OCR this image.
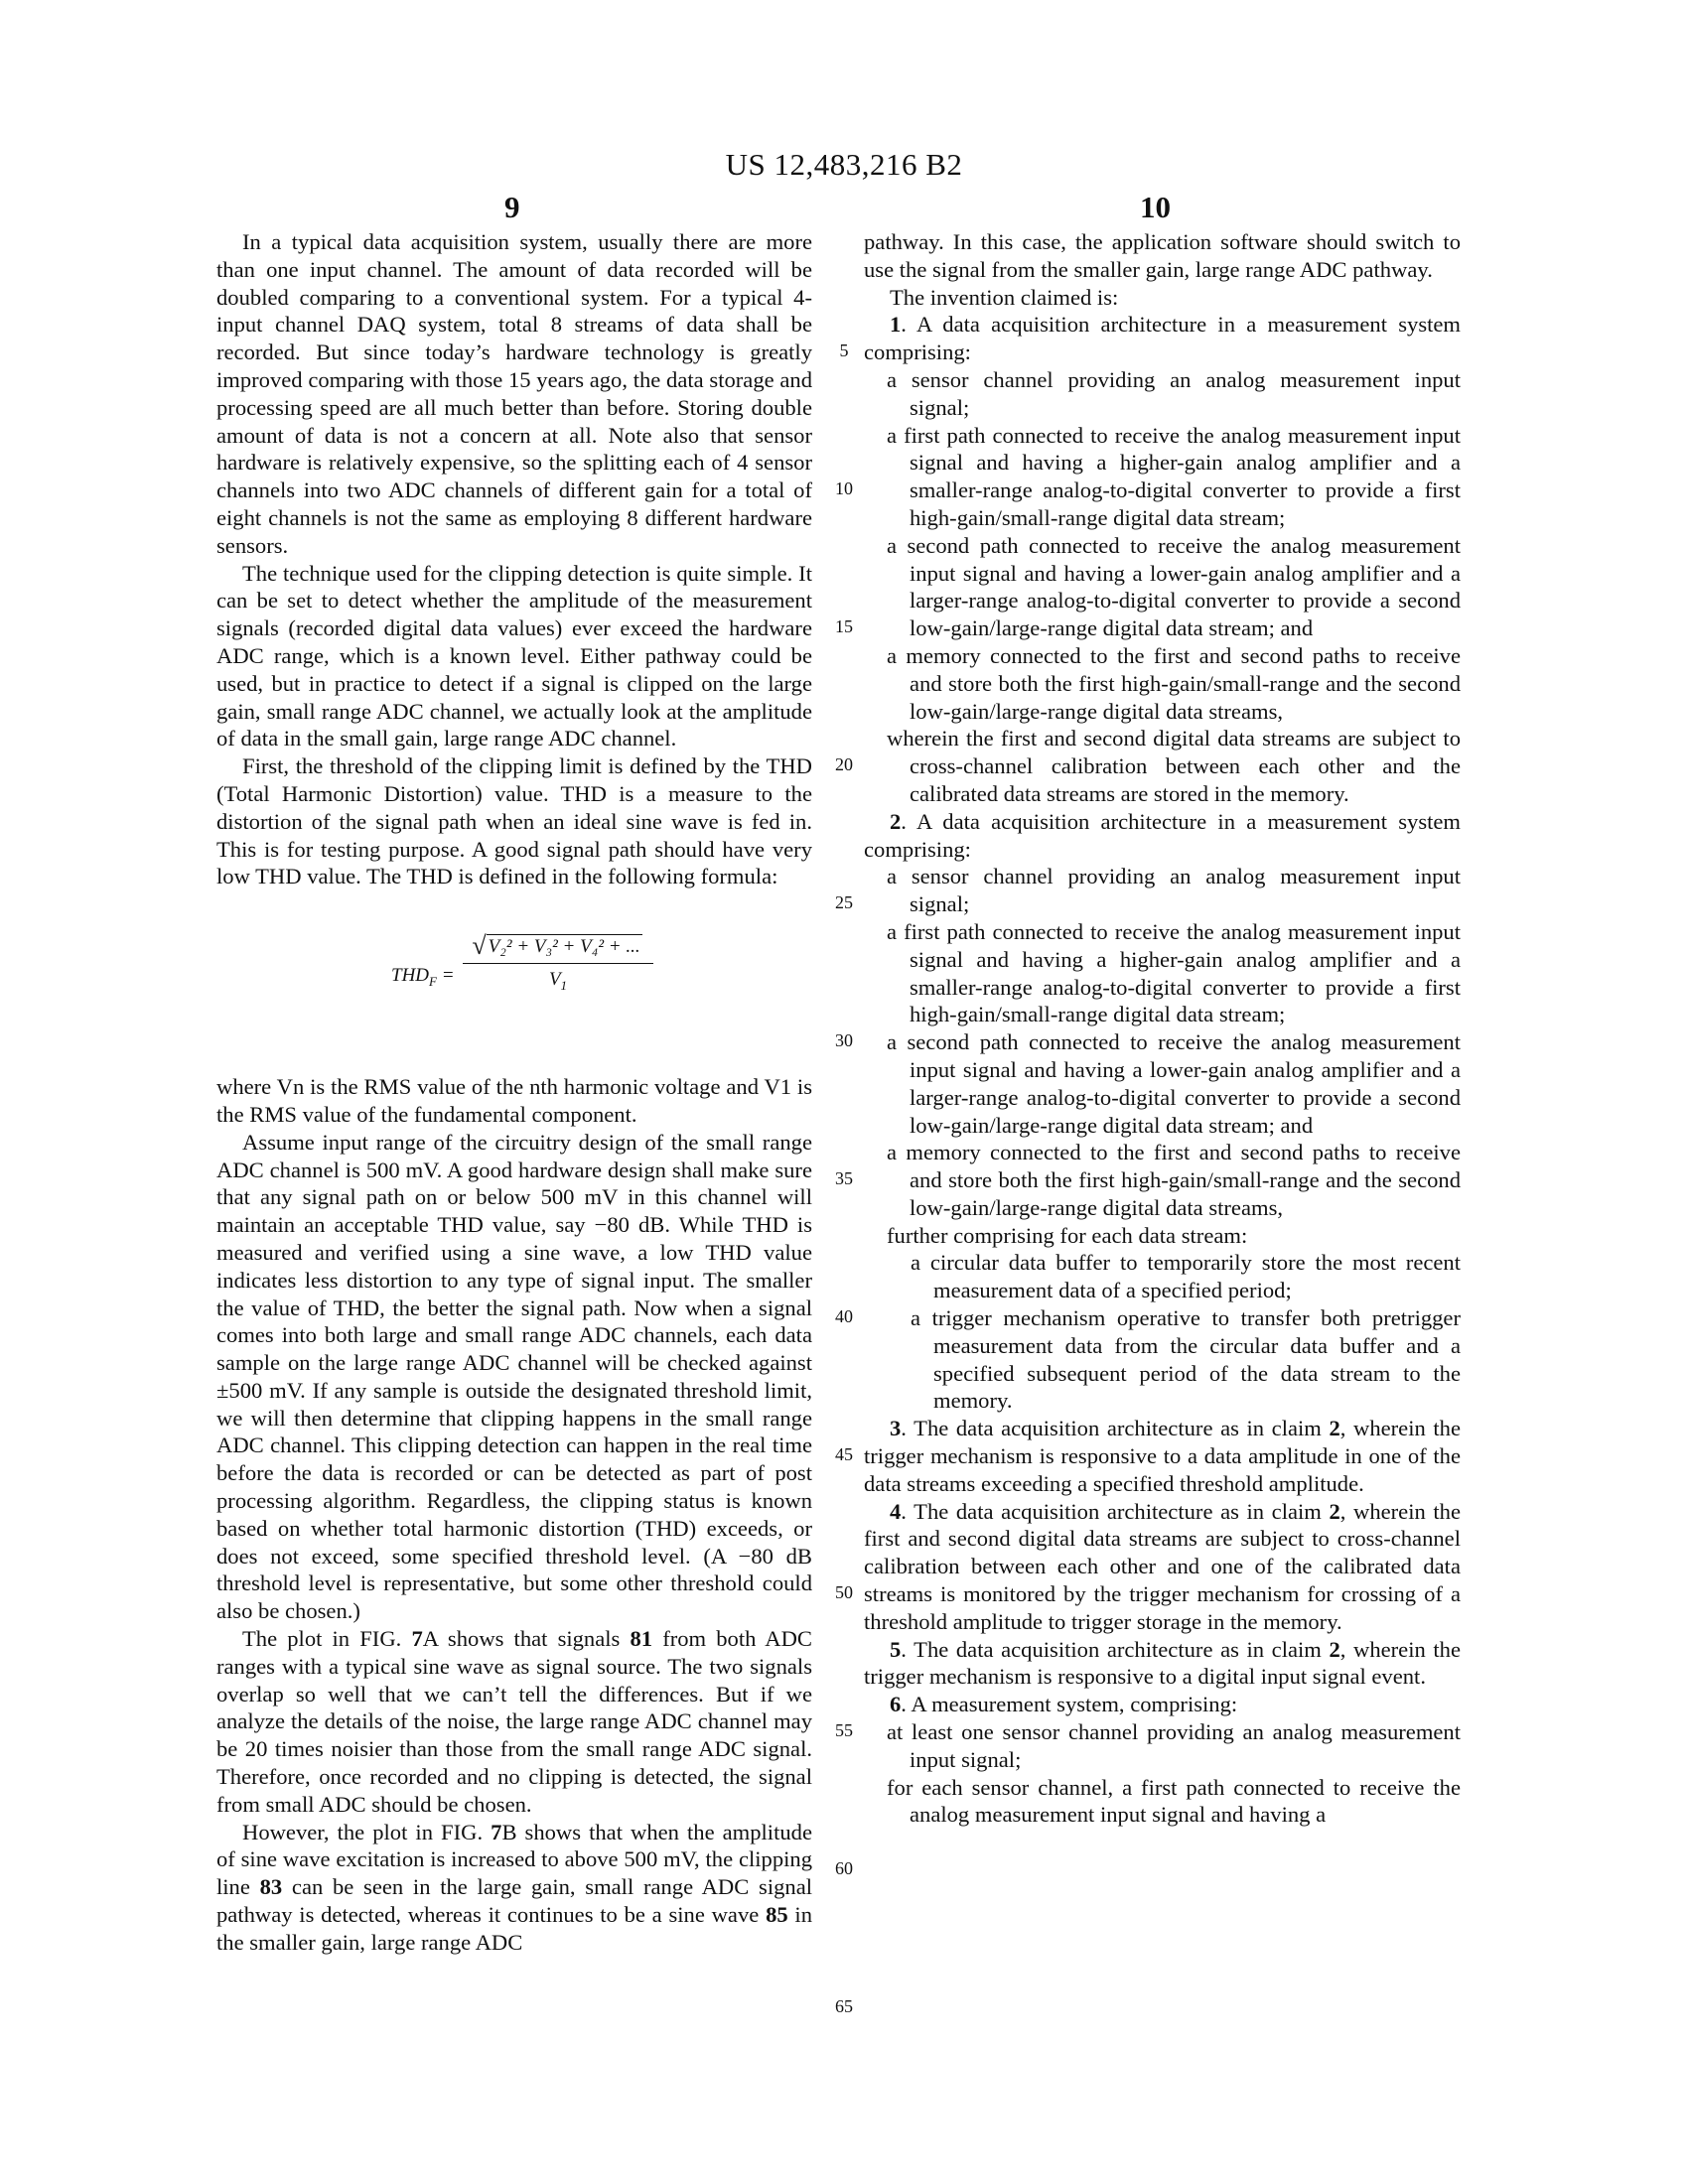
US 12,483,216 B2
9	10

In a typical data acquisition system, usually there are more than one input channel. The amount of data recorded will be doubled comparing to a conventional system. For a typical 4-input channel DAQ system, total 8 streams of data shall be recorded. But since today’s hardware technology is greatly improved comparing with those 15 years ago, the data storage and processing speed are all much better than before. Storing double amount of data is not a concern at all. Note also that sensor hardware is relatively expensive, so the splitting each of 4 sensor channels into two ADC channels of different gain for a total of eight channels is not the same as employing 8 different hardware sensors.

The technique used for the clipping detection is quite simple. It can be set to detect whether the amplitude of the measurement signals (recorded digital data values) ever exceed the hardware ADC range, which is a known level. Either pathway could be used, but in practice to detect if a signal is clipped on the large gain, small range ADC channel, we actually look at the amplitude of data in the small gain, large range ADC channel.

First, the threshold of the clipping limit is defined by the THD (Total Harmonic Distortion) value. THD is a measure to the distortion of the signal path when an ideal sine wave is fed in. This is for testing purpose. A good signal path should have very low THD value. The THD is defined in the following formula:

$THD_F = \frac{\text{√ V₂² + V₃² + V₄² + ...}}{V_1}$

where Vn is the RMS value of the nth harmonic voltage and V1 is the RMS value of the fundamental component.

Assume input range of the circuitry design of the small range ADC channel is 500 mV. A good hardware design shall make sure that any signal path on or below 500 mV in this channel will maintain an acceptable THD value, say −80 dB. While THD is measured and verified using a sine wave, a low THD value indicates less distortion to any type of signal input. The smaller the value of THD, the better the signal path. Now when a signal comes into both large and small range ADC channels, each data sample on the large range ADC channel will be checked against ±500 mV. If any sample is outside the designated threshold limit, we will then determine that clipping happens in the small range ADC channel. This clipping detection can happen in the real time before the data is recorded or can be detected as part of post processing algorithm. Regardless, the clipping status is known based on whether total harmonic distortion (THD) exceeds, or does not exceed, some specified threshold level. (A −80 dB threshold level is representative, but some other threshold could also be chosen.)

The plot in FIG. 7A shows that signals 81 from both ADC ranges with a typical sine wave as signal source. The two signals overlap so well that we can’t tell the differences. But if we analyze the details of the noise, the large range ADC channel may be 20 times noisier than those from the small range ADC signal. Therefore, once recorded and no clipping is detected, the signal from small ADC should be chosen.

However, the plot in FIG. 7B shows that when the amplitude of sine wave excitation is increased to above 500 mV, the clipping line 83 can be seen in the large gain, small range ADC signal pathway is detected, whereas it continues to be a sine wave 85 in the smaller gain, large range ADC

5
10
15
20
25
30
35
40
45
50
55
60
65

pathway. In this case, the application software should switch to use the signal from the smaller gain, large range ADC pathway.

The invention claimed is:

1. A data acquisition architecture in a measurement system comprising:

a sensor channel providing an analog measurement input signal;

a first path connected to receive the analog measurement input signal and having a higher-gain analog amplifier and a smaller-range analog-to-digital converter to provide a first high-gain/small-range digital data stream;

a second path connected to receive the analog measurement input signal and having a lower-gain analog amplifier and a larger-range analog-to-digital converter to provide a second low-gain/large-range digital data stream; and

a memory connected to the first and second paths to receive and store both the first high-gain/small-range and the second low-gain/large-range digital data streams,

wherein the first and second digital data streams are subject to cross-channel calibration between each other and the calibrated data streams are stored in the memory.

2. A data acquisition architecture in a measurement system comprising:

a sensor channel providing an analog measurement input signal;

a first path connected to receive the analog measurement input signal and having a higher-gain analog amplifier and a smaller-range analog-to-digital converter to provide a first high-gain/small-range digital data stream;

a second path connected to receive the analog measurement input signal and having a lower-gain analog amplifier and a larger-range analog-to-digital converter to provide a second low-gain/large-range digital data stream; and

a memory connected to the first and second paths to receive and store both the first high-gain/small-range and the second low-gain/large-range digital data streams,

further comprising for each data stream:

a circular data buffer to temporarily store the most recent measurement data of a specified period;

a trigger mechanism operative to transfer both pretrigger measurement data from the circular data buffer and a specified subsequent period of the data stream to the memory.

3. The data acquisition architecture as in claim 2, wherein the trigger mechanism is responsive to a data amplitude in one of the data streams exceeding a specified threshold amplitude.

4. The data acquisition architecture as in claim 2, wherein the first and second digital data streams are subject to cross-channel calibration between each other and one of the calibrated data streams is monitored by the trigger mechanism for crossing of a threshold amplitude to trigger storage in the memory.

5. The data acquisition architecture as in claim 2, wherein the trigger mechanism is responsive to a digital input signal event.

6. A measurement system, comprising:

at least one sensor channel providing an analog measurement input signal;

for each sensor channel, a first path connected to receive the analog measurement input signal and having a
